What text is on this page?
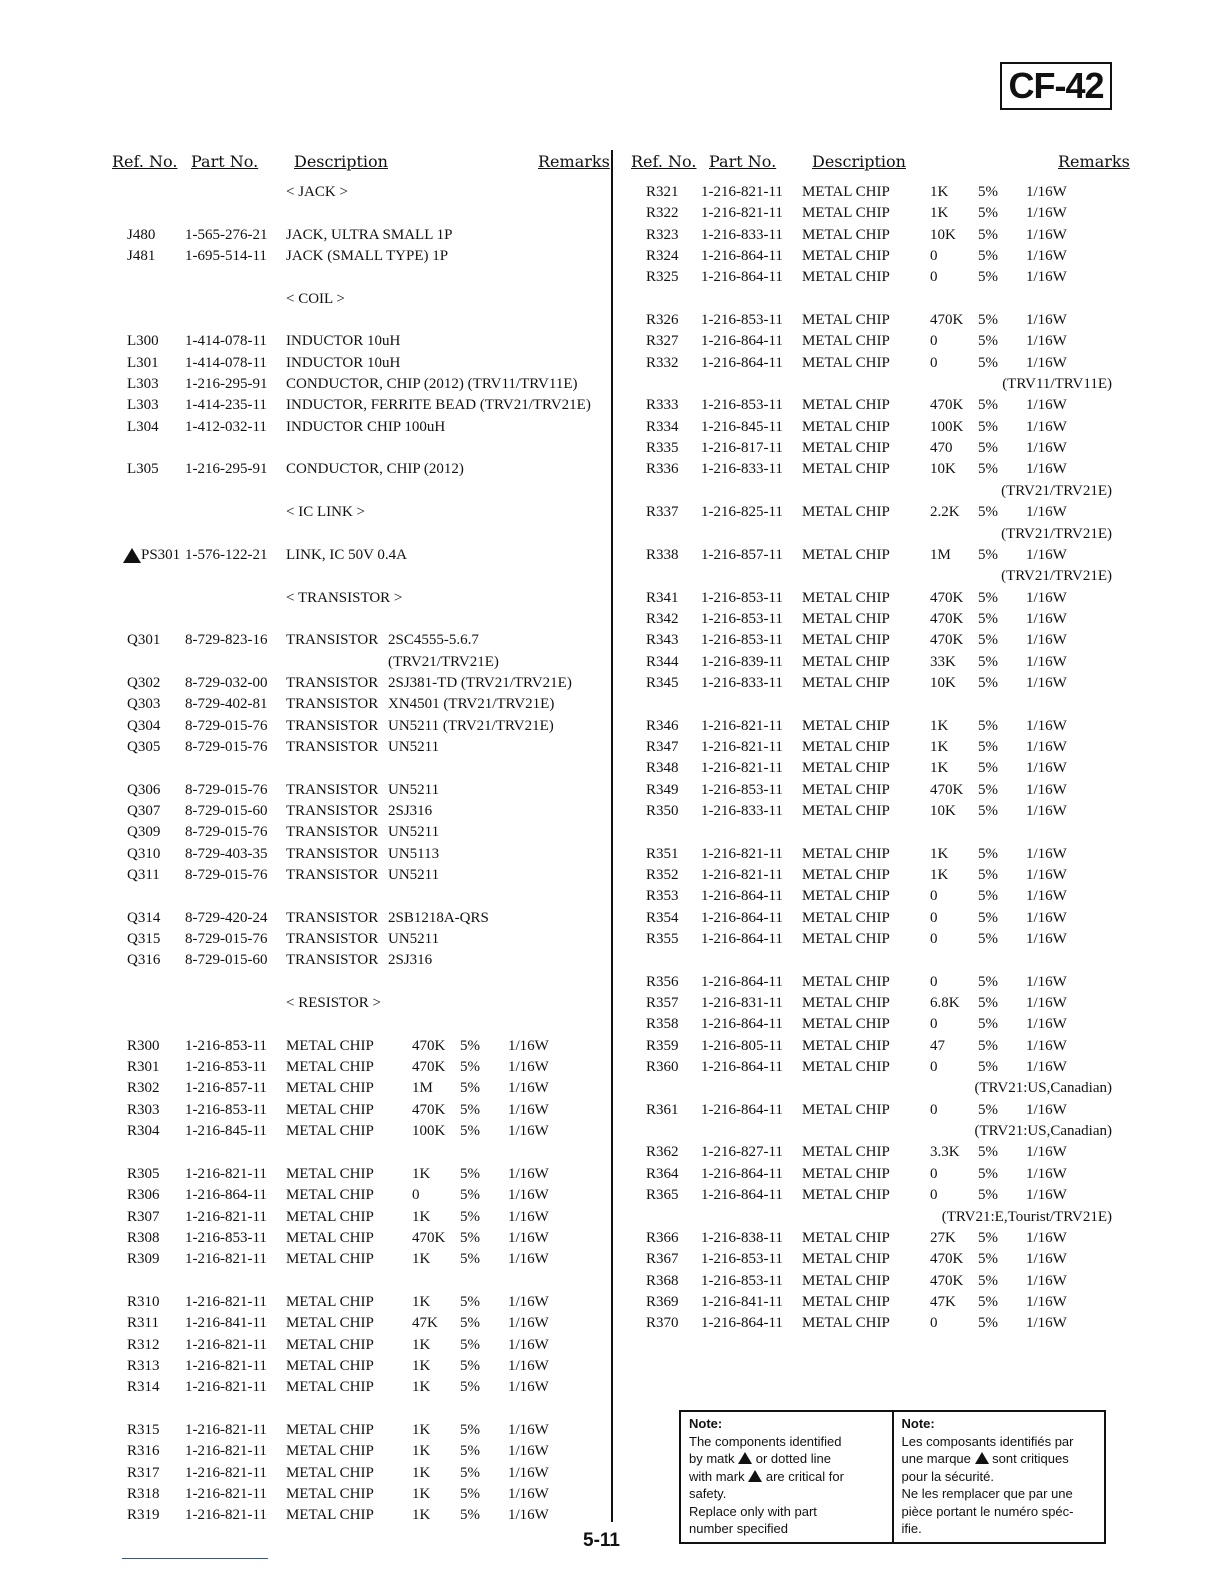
CF-42
Ref. No. Part No. Description	Remarks
< JACK >
J480 1-565-276-21 JACK, ULTRA SMALL 1P
J481 1-695-514-11 JACK (SMALL TYPE) 1P
< COIL >
L300 1-414-078-11 INDUCTOR 10uH
L301 1-414-078-11 INDUCTOR 10uH
L303 1-216-295-91 CONDUCTOR, CHIP (2012) (TRV11/TRV11E)
L303 1-414-235-11 INDUCTOR, FERRITE BEAD (TRV21/TRV21E)
L304 1-412-032-11 INDUCTOR CHIP 100uH
L305 1-216-295-91 CONDUCTOR, CHIP (2012)
< IC LINK >
PS301 1-576-122-21 LINK, IC 50V 0.4A
< TRANSISTOR >
Q301 8-729-823-16 TRANSISTOR 2SC4555-5.6.7
(TRV21/TRV21E)
Q302 8-729-032-00 TRANSISTOR 2SJ381-TD (TRV21/TRV21E)
Q303 8-729-402-81 TRANSISTOR XN4501 (TRV21/TRV21E)
Q304 8-729-015-76 TRANSISTOR UN5211 (TRV21/TRV21E)
Q305 8-729-015-76 TRANSISTOR UN5211
Q306 8-729-015-76 TRANSISTOR UN5211
Q307 8-729-015-60 TRANSISTOR 2SJ316
Q309 8-729-015-76 TRANSISTOR UN5211
Q310 8-729-403-35 TRANSISTOR UN5113
Q311 8-729-015-76 TRANSISTOR UN5211
Q314 8-729-420-24 TRANSISTOR 2SB1218A-QRS
Q315 8-729-015-76 TRANSISTOR UN5211
Q316 8-729-015-60 TRANSISTOR 2SJ316
< RESISTOR >
R300 1-216-853-11 METAL CHIP	470K 5% 1/16W
R301 1-216-853-11 METAL CHIP	470K 5% 1/16W
R302 1-216-857-11 METAL CHIP	1M 5% 1/16W
R303 1-216-853-11 METAL CHIP	470K 5% 1/16W
R304 1-216-845-11 METAL CHIP	100K 5% 1/16W
R305 1-216-821-11 METAL CHIP	1K 5% 1/16W
R306 1-216-864-11 METAL CHIP	0	5% 1/16W
R307 1-216-821-11 METAL CHIP	1K 5% 1/16W
R308 1-216-853-11 METAL CHIP	470K 5% 1/16W
R309 1-216-821-11 METAL CHIP	1K 5% 1/16W
R310 1-216-821-11 METAL CHIP	1K 5% 1/16W
R311 1-216-841-11 METAL CHIP	47K 5% 1/16W
R312 1-216-821-11 METAL CHIP	1K 5% 1/16W
R313 1-216-821-11 METAL CHIP	1K 5% 1/16W
R314 1-216-821-11 METAL CHIP	1K 5% 1/16W
R315 1-216-821-11 METAL CHIP	1K 5% 1/16W
R316 1-216-821-11 METAL CHIP	1K 5% 1/16W
R317 1-216-821-11 METAL CHIP	1K 5% 1/16W
R318 1-216-821-11 METAL CHIP	1K 5% 1/16W
R319 1-216-821-11 METAL CHIP	1K 5% 1/16W
Ref. No. Part No. Description	Remarks
R321 1-216-821-11 METAL CHIP	1K 5% 1/16W
R322 1-216-821-11 METAL CHIP	1K 5% 1/16W
R323 1-216-833-11 METAL CHIP	10K 5% 1/16W
R324 1-216-864-11 METAL CHIP	0	5% 1/16W
R325 1-216-864-11 METAL CHIP	0	5% 1/16W
R326 1-216-853-11 METAL CHIP	470K 5% 1/16W
R327 1-216-864-11 METAL CHIP	0	5% 1/16W
R332 1-216-864-11 METAL CHIP	0	5% 1/16W
(TRV11/TRV11E)
R333 1-216-853-11 METAL CHIP	470K 5% 1/16W
R334 1-216-845-11 METAL CHIP	100K 5% 1/16W
R335 1-216-817-11 METAL CHIP	470 5% 1/16W
R336 1-216-833-11 METAL CHIP	10K 5% 1/16W
(TRV21/TRV21E)
R337 1-216-825-11 METAL CHIP	2.2K 5% 1/16W
(TRV21/TRV21E)
R338 1-216-857-11 METAL CHIP	1M 5% 1/16W
(TRV21/TRV21E)
R341 1-216-853-11 METAL CHIP	470K 5% 1/16W
R342 1-216-853-11 METAL CHIP	470K 5% 1/16W
R343 1-216-853-11 METAL CHIP	470K 5% 1/16W
R344 1-216-839-11 METAL CHIP	33K 5% 1/16W
R345 1-216-833-11 METAL CHIP	10K 5% 1/16W
R346 1-216-821-11 METAL CHIP	1K 5% 1/16W
R347 1-216-821-11 METAL CHIP	1K 5% 1/16W
R348 1-216-821-11 METAL CHIP	1K 5% 1/16W
R349 1-216-853-11 METAL CHIP	470K 5% 1/16W
R350 1-216-833-11 METAL CHIP	10K 5% 1/16W
R351 1-216-821-11 METAL CHIP	1K 5% 1/16W
R352 1-216-821-11 METAL CHIP	1K 5% 1/16W
R353 1-216-864-11 METAL CHIP	0	5% 1/16W
R354 1-216-864-11 METAL CHIP	0	5% 1/16W
R355 1-216-864-11 METAL CHIP	0	5% 1/16W
R356 1-216-864-11 METAL CHIP	0	5% 1/16W
R357 1-216-831-11 METAL CHIP	6.8K 5% 1/16W
R358 1-216-864-11 METAL CHIP	0	5% 1/16W
R359 1-216-805-11 METAL CHIP	47 5% 1/16W
R360 1-216-864-11 METAL CHIP	0	5% 1/16W
(TRV21:US,Canadian)
R361 1-216-864-11 METAL CHIP	0	5% 1/16W
(TRV21:US,Canadian)
R362 1-216-827-11 METAL CHIP	3.3K 5% 1/16W
R364 1-216-864-11 METAL CHIP	0	5% 1/16W
R365 1-216-864-11 METAL CHIP	0	5% 1/16W
(TRV21:E,Tourist/TRV21E)
R366 1-216-838-11 METAL CHIP	27K 5% 1/16W
R367 1-216-853-11 METAL CHIP	470K 5% 1/16W
R368 1-216-853-11 METAL CHIP	470K 5% 1/16W
R369 1-216-841-11 METAL CHIP	47K 5% 1/16W
R370 1-216-864-11 METAL CHIP	0	5% 1/16W
Note:
The components identified
by matk or dotted line
with mark are critical for
safety.
Replace only with part
number specified
Note:
Les composants identifiés par
une marque sont critiques
pour la sécurité.
Ne les remplacer que par une
pièce portant le numéro spéc-
ifie.
5-11
